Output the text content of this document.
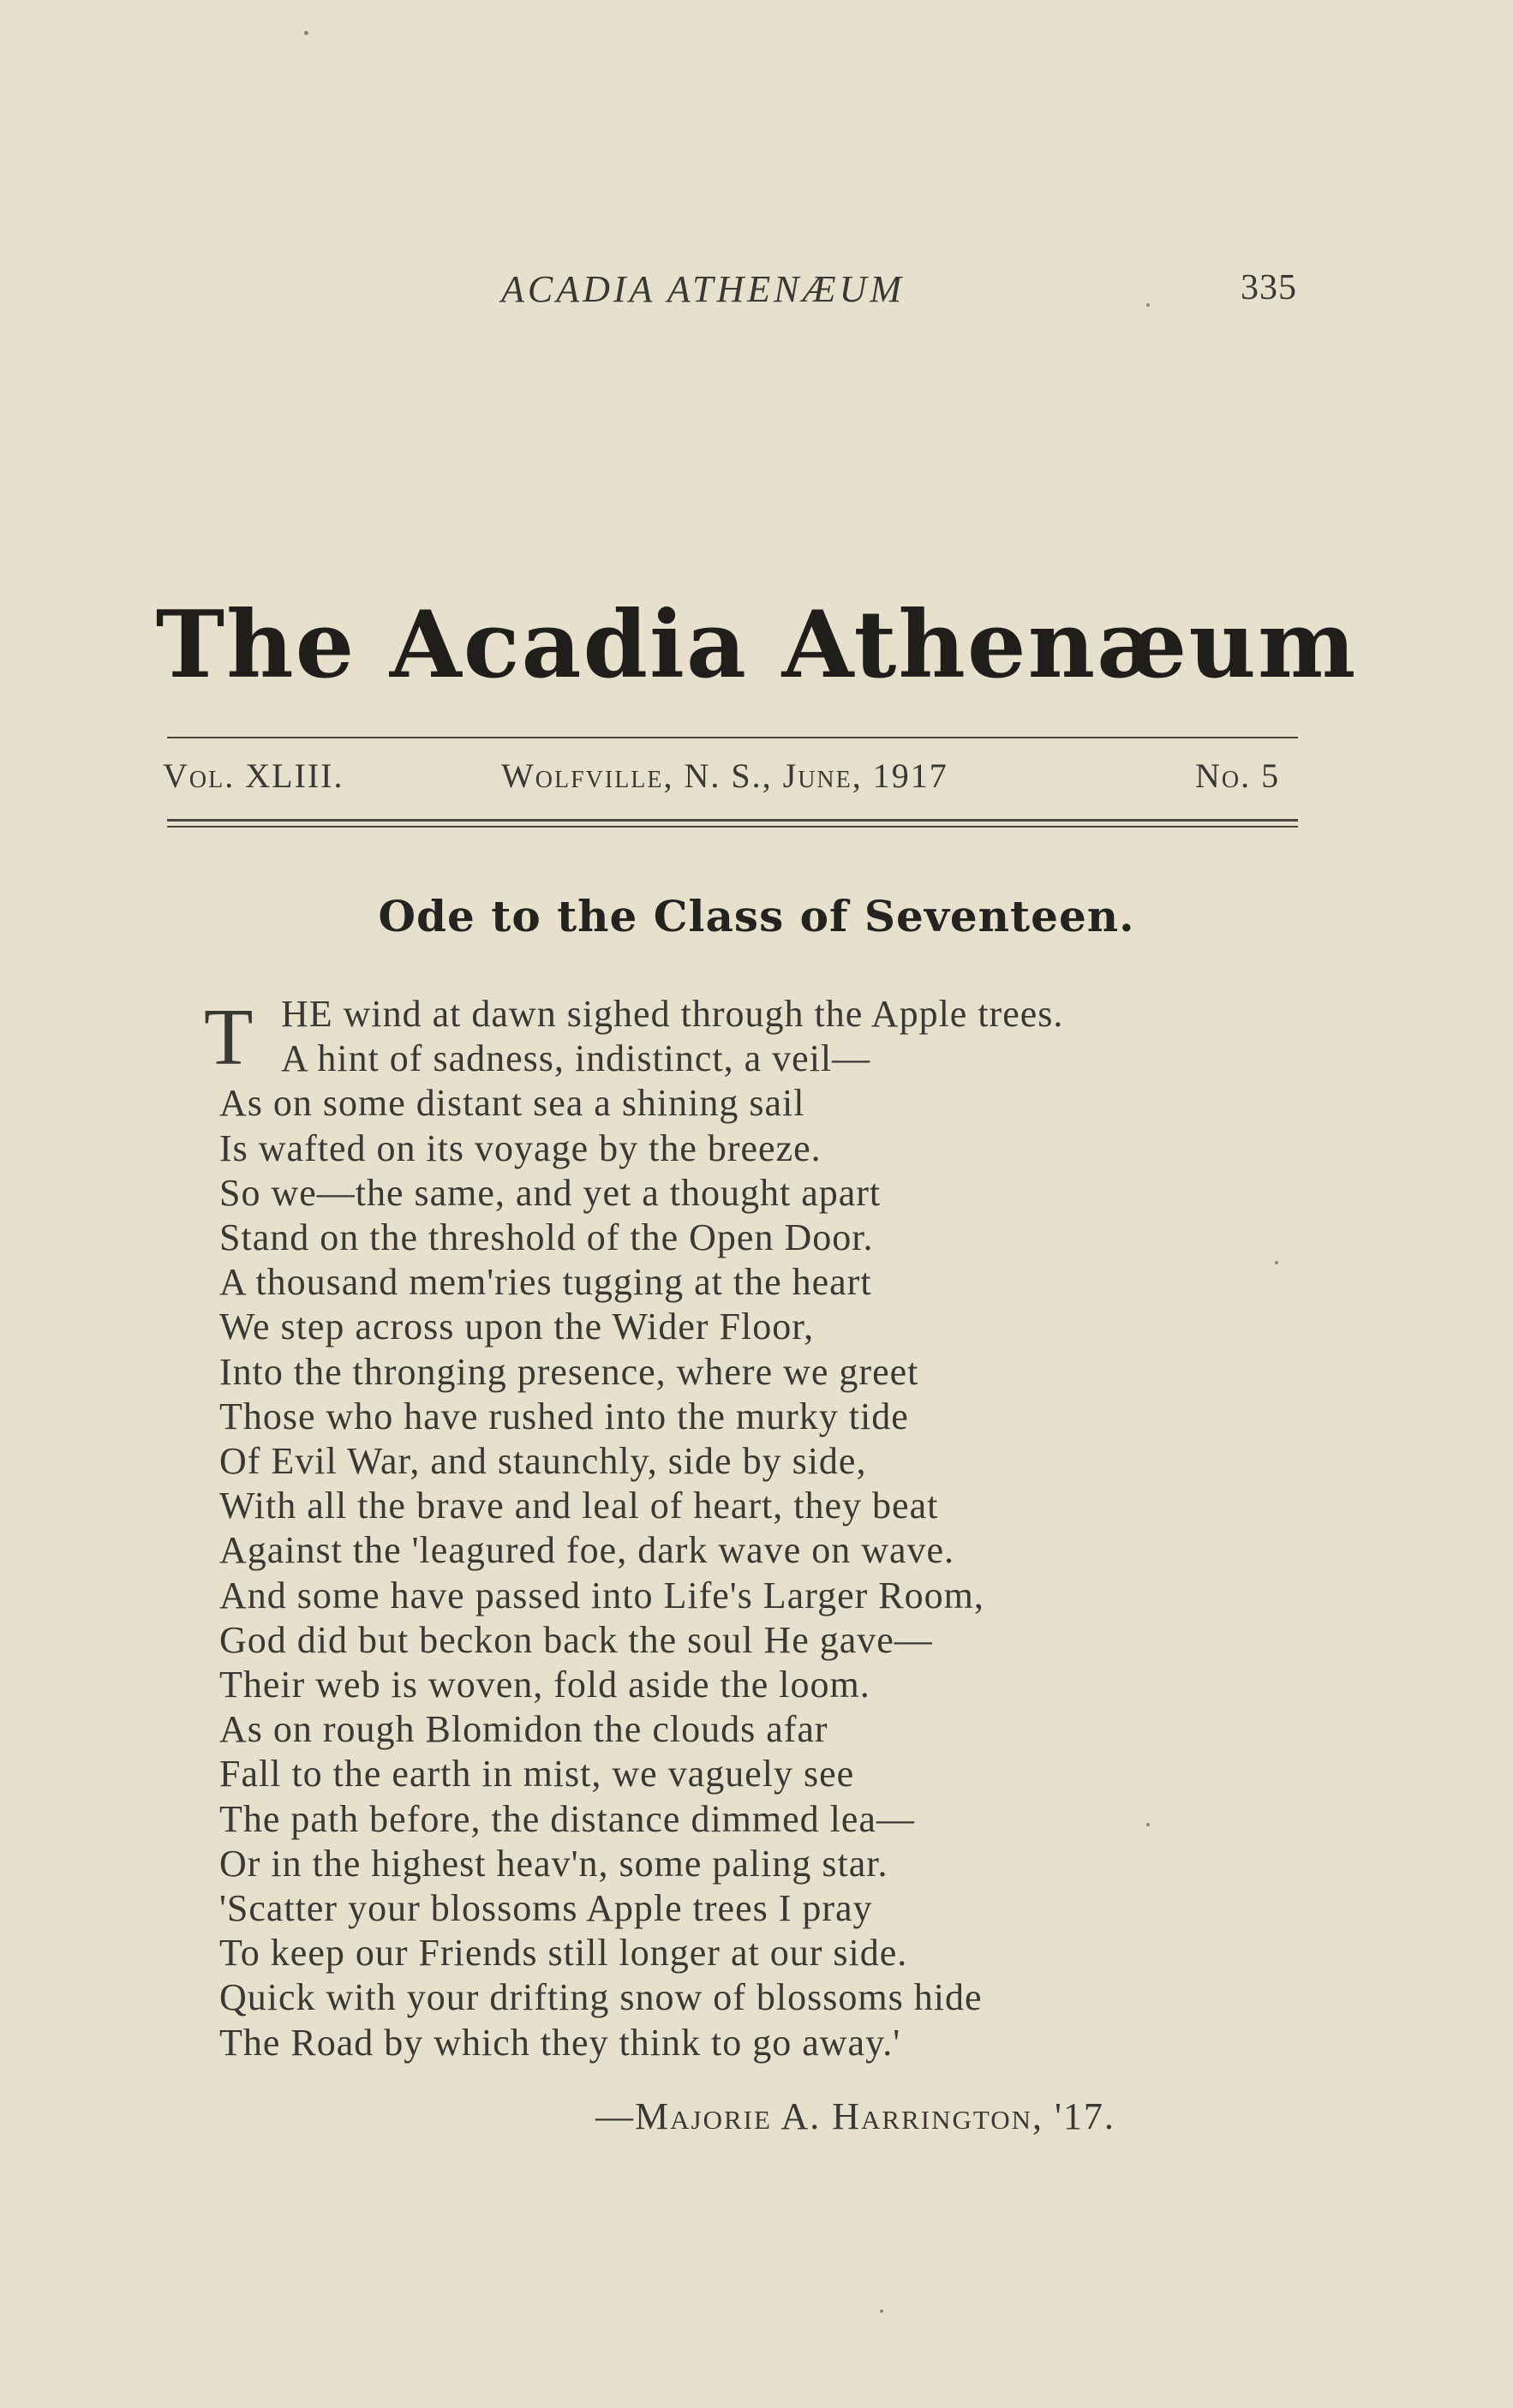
ACADIA ATHENÆUM	335
The Acadia Athenæum
Vol. XLIII.	Wolfville, N. S., June, 1917	No. 5
Ode to the Class of Seventeen.
T HE wind at dawn sighed through the Apple trees.
A hint of sadness, indistinct, a veil—
As on some distant sea a shining sail
Is wafted on its voyage by the breeze.
So we—the same, and yet a thought apart
Stand on the threshold of the Open Door.
A thousand mem'ries tugging at the heart
We step across upon the Wider Floor,
Into the thronging presence, where we greet
Those who have rushed into the murky tide
Of Evil War, and staunchly, side by side,
With all the brave and leal of heart, they beat
Against the 'leagured foe, dark wave on wave.
And some have passed into Life's Larger Room,
God did but beckon back the soul He gave—
Their web is woven, fold aside the loom.
As on rough Blomidon the clouds afar
Fall to the earth in mist, we vaguely see
The path before, the distance dimmed lea—
Or in the highest heav'n, some paling star.
'Scatter your blossoms Apple trees I pray
To keep our Friends still longer at our side.
Quick with your drifting snow of blossoms hide
The Road by which they think to go away.'
—Majorie A. Harrington, '17.
